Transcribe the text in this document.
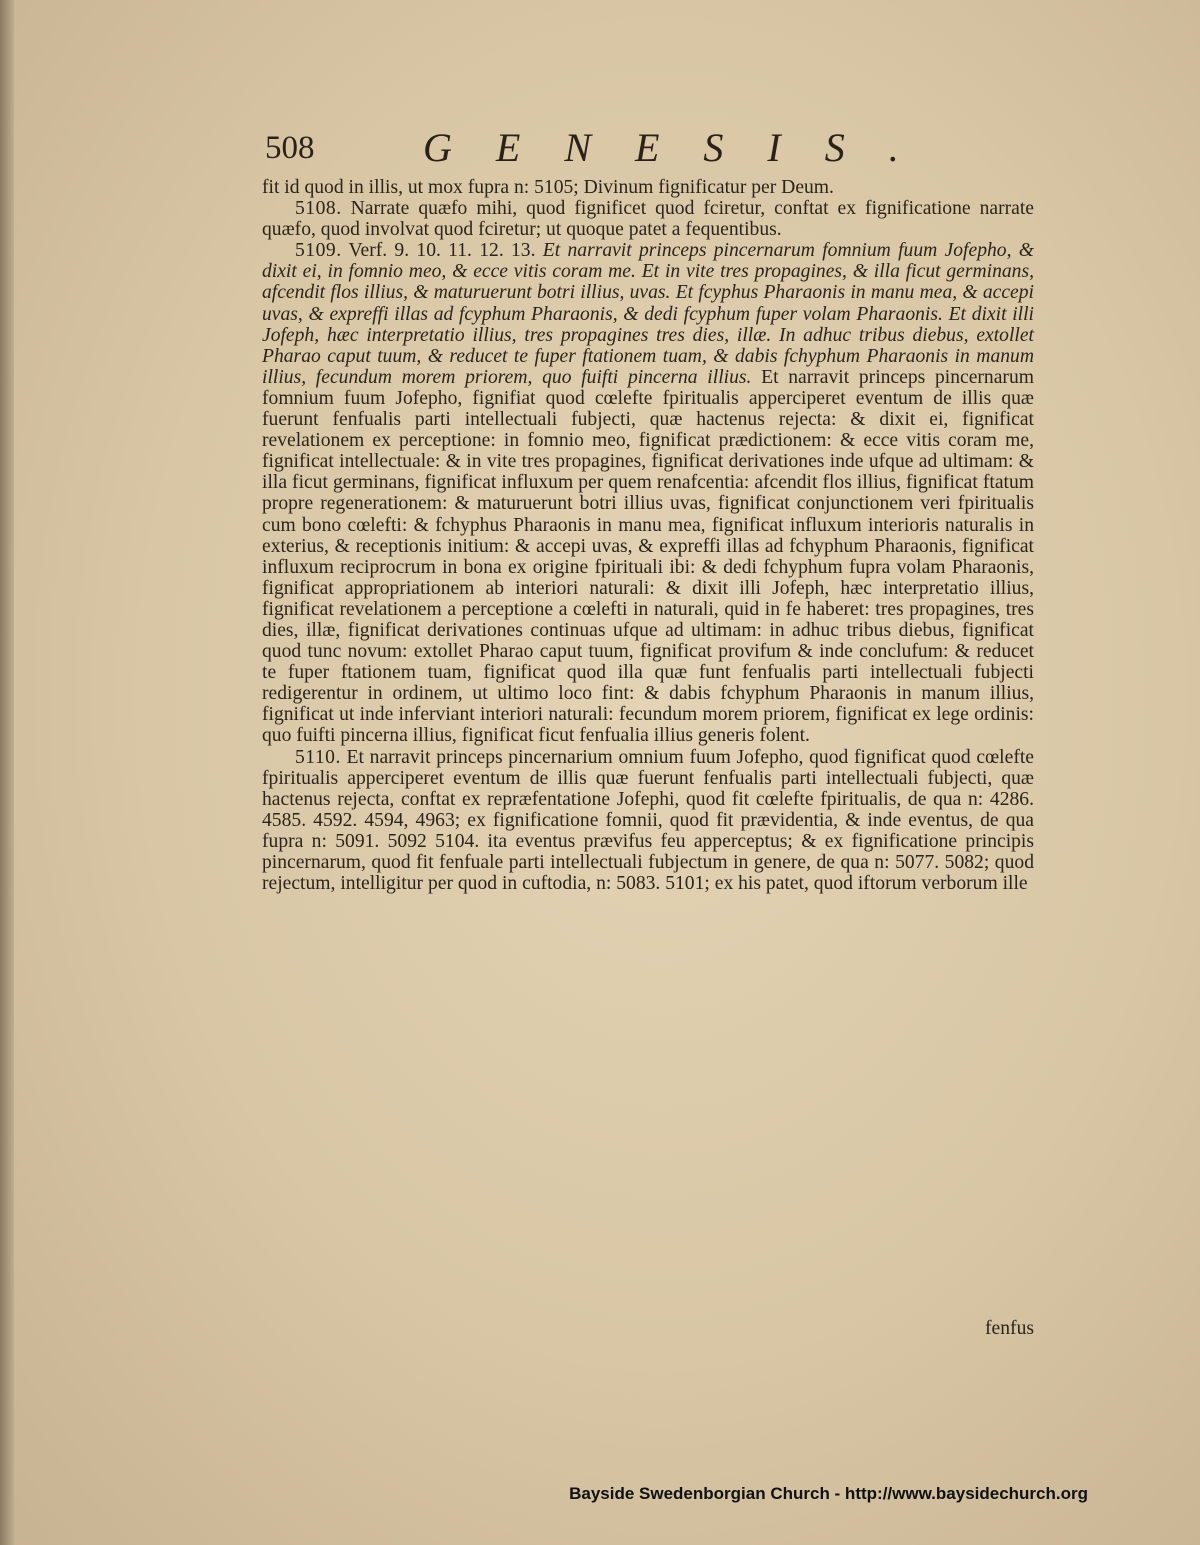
508	GENESIS.

fit id quod in illis, ut mox fupra n: 5105; Divinum fignificatur per Deum.

5108. Narrate quæfo mihi, quod fignificet quod fciretur, conftat ex fignificatione narrate quæfo, quod involvat quod fciretur; ut quoque patet a fequentibus.

5109. Verf. 9. 10. 11. 12. 13. Et narravit princeps pincernarum fomnium fuum Jofepho, & dixit ei, in fomnio meo, & ecce vitis coram me. Et in vite tres propagines, & illa ficut germinans, afcendit flos illius, & maturuerunt botri illius, uvas. Et fcyphus Pharaonis in manu mea, & accepi uvas, & expreffi illas ad fcyphum Pharaonis, & dedi fcyphum fuper volam Pharaonis. Et dixit illi Jofeph, hæc interpretatio illius, tres propagines tres dies, illæ. In adhuc tribus diebus, extollet Pharao caput tuum, & reducet te fuper ftationem tuam, & dabis fchyphum Pharaonis in manum illius, fecundum morem priorem, quo fuifti pincerna illius. Et narravit princeps pincernarum fomnium fuum Jofepho, fignifiat quod cœlefte fpiritualis apperciperet eventum de illis quæ fuerunt fenfualis parti intellectuali fubjecti, quæ hactenus rejecta: & dixit ei, fignificat revelationem ex perceptione: in fomnio meo, fignificat prædictionem: & ecce vitis coram me, fignificat intellectuale: & in vite tres propagines, fignificat derivationes inde ufque ad ultimam: & illa ficut germinans, fignificat influxum per quem renafcentia: afcendit flos illius, fignificat ftatum propre regenerationem: & maturuerunt botri illius uvas, fignificat conjunctionem veri fpiritualis cum bono cœlefti: & fchyphus Pharaonis in manu mea, fignificat influxum interioris naturalis in exterius, & receptionis initium: & accepi uvas, & expreffi illas ad fchyphum Pharaonis, fignificat influxum reciprocrum in bona ex origine fpirituali ibi: & dedi fchyphum fupra volam Pharaonis, fignificat appropriationem ab interiori naturali: & dixit illi Jofeph, hæc interpretatio illius, fignificat revelationem a perceptione a cœlefti in naturali, quid in fe haberet: tres propagines, tres dies, illæ, fignificat derivationes continuas ufque ad ultimam: in adhuc tribus diebus, fignificat quod tunc novum: extollet Pharao caput tuum, fignificat provifum & inde conclufum: & reducet te fuper ftationem tuam, fignificat quod illa quæ funt fenfualis parti intellectuali fubjecti redigerentur in ordinem, ut ultimo loco fint: & dabis fchyphum Pharaonis in manum illius, fignificat ut inde inferviant interiori naturali: fecundum morem priorem, fignificat ex lege ordinis: quo fuifti pincerna illius, fignificat ficut fenfualia illius generis folent.

5110. Et narravit princeps pincernarium omnium fuum Jofepho, quod fignificat quod cœlefte fpiritualis apperciperet eventum de illis quæ fuerunt fenfualis parti intellectuali fubjecti, quæ hactenus rejecta, conftat ex repræfentatione Jofephi, quod fit cœlefte fpiritualis, de qua n: 4286. 4585. 4592. 4594, 4963; ex fignificatione fomnii, quod fit prævidentia, & inde eventus, de qua fupra n: 5091. 5092 5104. ita eventus prævifus feu apperceptus; & ex fignificatione principis pincernarum, quod fit fenfuale parti intellectuali fubjectum in genere, de qua n: 5077. 5082; quod rejectum, intelligitur per quod in cuftodia, n: 5083. 5101; ex his patet, quod iftorum verborum ille

fenfus
Bayside Swedenborgian Church - http://www.baysidechurch.org
